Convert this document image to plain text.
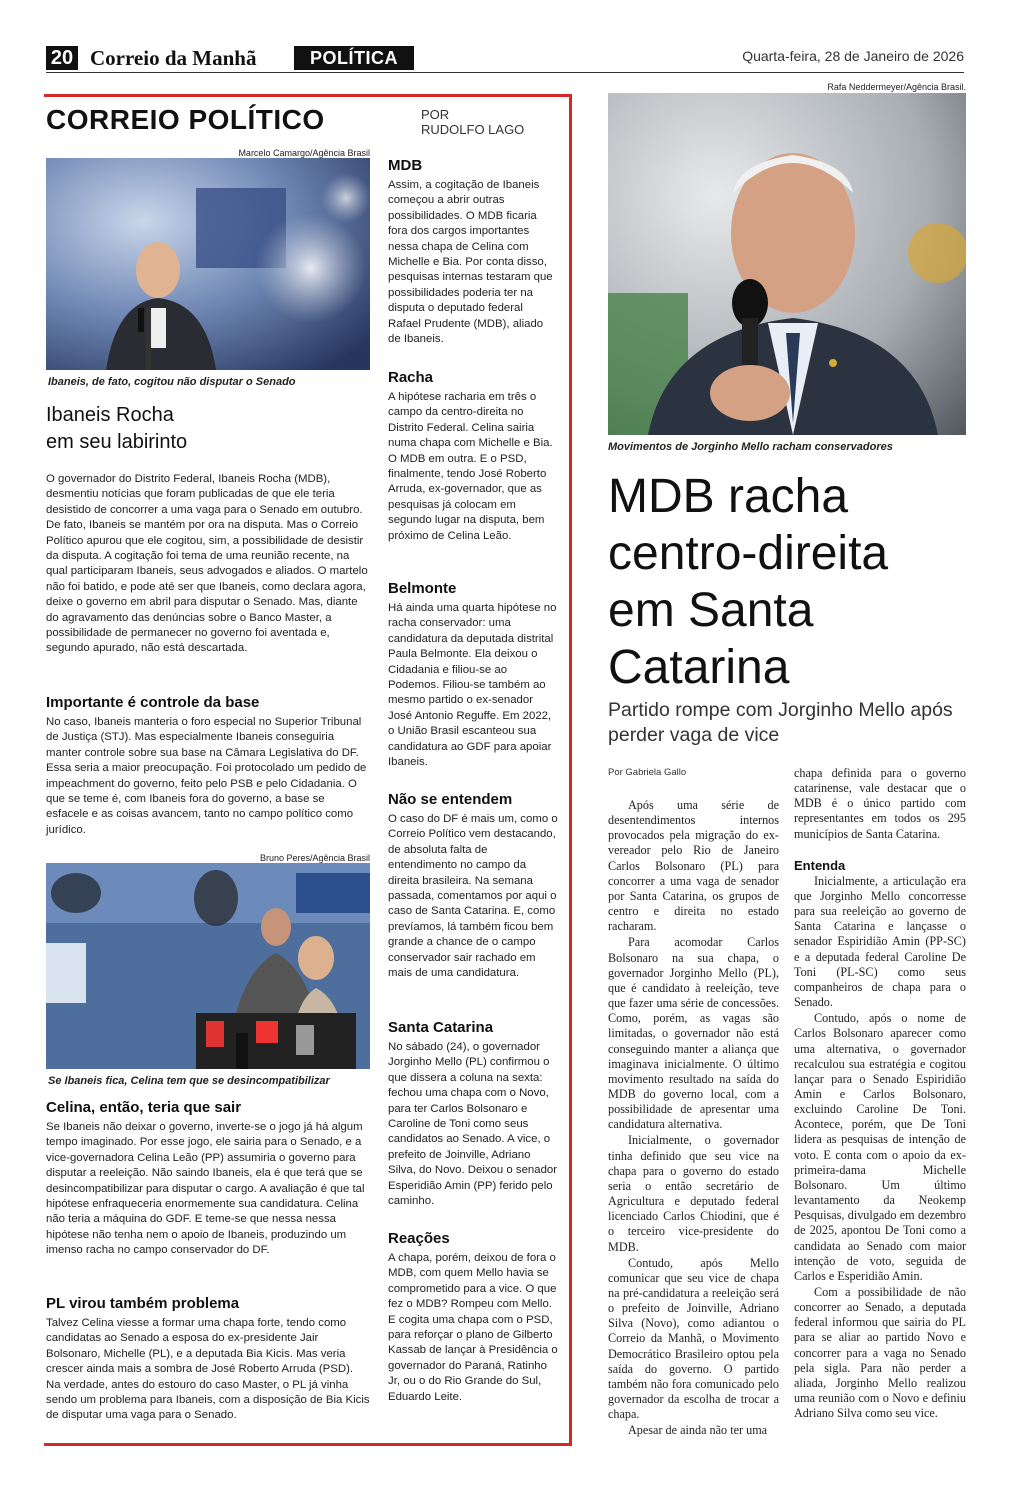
20 Correio da Manhã	POLÍTICA	Quarta-feira, 28 de Janeiro de 2026
CORREIO POLÍTICO	POR
RUDOLFO LAGO
Marcelo Camargo/Agência Brasil
Ibaneis, de fato, cogitou não disputar o Senado
Ibaneis Rocha
em seu labirinto
O governador do Distrito Federal, Ibaneis Rocha (MDB), desmentiu notícias que foram publicadas de que ele teria desistido de concorrer a uma vaga para o Senado em outubro. De fato, Ibaneis se mantém por ora na disputa. Mas o Correio Político apurou que ele cogitou, sim, a possibilidade de desistir da disputa. A cogitação foi tema de uma reunião recente, na qual participaram Ibaneis, seus advogados e aliados. O martelo não foi batido, e pode até ser que Ibaneis, como declara agora, deixe o governo em abril para disputar o Senado. Mas, diante do agravamento das denúncias sobre o Banco Master, a possibilidade de permanecer no governo foi aventada e, segundo apurado, não está descartada.
Importante é controle da base
No caso, Ibaneis manteria o foro especial no Superior Tribunal de Justiça (STJ). Mas especialmente Ibaneis conseguiria manter controle sobre sua base na Câmara Legislativa do DF. Essa seria a maior preocupação. Foi protocolado um pedido de impeachment do governo, feito pelo PSB e pelo Cidadania. O que se teme é, com Ibaneis fora do governo, a base se esfacele e as coisas avancem, tanto no campo político como jurídico.
Bruno Peres/Agência Brasil
Se Ibaneis fica, Celina tem que se desincompatibilizar
Celina, então, teria que sair
Se Ibaneis não deixar o governo, inverte-se o jogo já há algum tempo imaginado. Por esse jogo, ele sairia para o Senado, e a vice-governadora Celina Leão (PP) assumiria o governo para disputar a reeleição. Não saindo Ibaneis, ela é que terá que se desincompatibilizar para disputar o cargo. A avaliação é que tal hipótese enfraqueceria enormemente sua candidatura. Celina não teria a máquina do GDF. E teme-se que nessa nessa hipótese não tenha nem o apoio de Ibaneis, produzindo um imenso racha no campo conservador do DF.
PL virou também problema
Talvez Celina viesse a formar uma chapa forte, tendo como candidatas ao Senado a esposa do ex-presidente Jair Bolsonaro, Michelle (PL), e a deputada Bia Kicis. Mas veria crescer ainda mais a sombra de José Roberto Arruda (PSD). Na verdade, antes do estouro do caso Master, o PL já vinha sendo um problema para Ibaneis, com a disposição de Bia Kicis de disputar uma vaga para o Senado.
MDB
Assim, a cogitação de Ibaneis começou a abrir outras possibilidades. O MDB ficaria fora dos cargos importantes nessa chapa de Celina com Michelle e Bia. Por conta disso, pesquisas internas testaram que possibilidades poderia ter na disputa o deputado federal Rafael Prudente (MDB), aliado de Ibaneis.
Racha
A hipótese racharia em três o campo da centro-direita no Distrito Federal. Celina sairia numa chapa com Michelle e Bia. O MDB em outra. E o PSD, finalmente, tendo José Roberto Arruda, ex-governador, que as pesquisas já colocam em segundo lugar na disputa, bem próximo de Celina Leão.
Belmonte
Há ainda uma quarta hipótese no racha conservador: uma candidatura da deputada distrital Paula Belmonte. Ela deixou o Cidadania e filiou-se ao Podemos. Filiou-se também ao mesmo partido o ex-senador José Antonio Reguffe. Em 2022, o União Brasil escanteou sua candidatura ao GDF para apoiar Ibaneis.
Não se entendem
O caso do DF é mais um, como o Correio Político vem destacando, de absoluta falta de entendimento no campo da direita brasileira. Na semana passada, comentamos por aqui o caso de Santa Catarina. E, como prevíamos, lá também ficou bem grande a chance de o campo conservador sair rachado em mais de uma candidatura.
Santa Catarina
No sábado (24), o governador Jorginho Mello (PL) confirmou o que dissera a coluna na sexta: fechou uma chapa com o Novo, para ter Carlos Bolsonaro e Caroline de Toni como seus candidatos ao Senado. A vice, o prefeito de Joinville, Adriano Silva, do Novo. Deixou o senador Esperidião Amin (PP) ferido pelo caminho.
Reações
A chapa, porém, deixou de fora o MDB, com quem Mello havia se comprometido para a vice. O que fez o MDB? Rompeu com Mello. E cogita uma chapa com o PSD, para reforçar o plano de Gilberto Kassab de lançar à Presidência o governador do Paraná, Ratinho Jr, ou o do Rio Grande do Sul, Eduardo Leite.
Rafa Neddermeyer/Agência Brasil.
Movimentos de Jorginho Mello racham conservadores
MDB racha centro-direita em Santa Catarina
Partido rompe com Jorginho Mello após perder vaga de vice
Por Gabriela Gallo

Após uma série de desentendimentos internos provocados pela migração do ex-vereador pelo Rio de Janeiro Carlos Bolsonaro (PL) para concorrer a uma vaga de senador por Santa Catarina, os grupos de centro e direita no estado racharam.

Para acomodar Carlos Bolsonaro na sua chapa, o governador Jorginho Mello (PL), que é candidato à reeleição, teve que fazer uma série de concessões. Como, porém, as vagas são limitadas, o governador não está conseguindo manter a aliança que imaginava inicialmente. O último movimento resultado na saída do MDB do governo local, com a possibilidade de apresentar uma candidatura alternativa.

Inicialmente, o governador tinha definido que seu vice na chapa para o governo do estado seria o então secretário de Agricultura e deputado federal licenciado Carlos Chiodini, que é o terceiro vice-presidente do MDB.

Contudo, após Mello comunicar que seu vice de chapa na pré-candidatura a reeleição será o prefeito de Joinville, Adriano Silva (Novo), como adiantou o Correio da Manhã, o Movimento Democrático Brasileiro optou pela saída do governo. O partido também não fora comunicado pelo governador da escolha de trocar a chapa.

Apesar de ainda não ter uma

chapa definida para o governo catarinense, vale destacar que o MDB é o único partido com representantes em todos os 295 municípios de Santa Catarina.

Entenda

Inicialmente, a articulação era que Jorginho Mello concorresse para sua reeleição ao governo de Santa Catarina e lançasse o senador Espiridião Amin (PP-SC) e a deputada federal Caroline De Toni (PL-SC) como seus companheiros de chapa para o Senado.

Contudo, após o nome de Carlos Bolsonaro aparecer como uma alternativa, o governador recalculou sua estratégia e cogitou lançar para o Senado Espiridião Amin e Carlos Bolsonaro, excluindo Caroline De Toni. Acontece, porém, que De Toni lidera as pesquisas de intenção de voto. E conta com o apoio da ex-primeira-dama Michelle Bolsonaro. Um último levantamento da Neokemp Pesquisas, divulgado em dezembro de 2025, apontou De Toni como a candidata ao Senado com maior intenção de voto, seguida de Carlos e Esperidião Amin.

Com a possibilidade de não concorrer ao Senado, a deputada federal informou que sairia do PL para se aliar ao partido Novo e concorrer para a vaga no Senado pela sigla. Para não perder a aliada, Jorginho Mello realizou uma reunião com o Novo e definiu Adriano Silva como seu vice.
